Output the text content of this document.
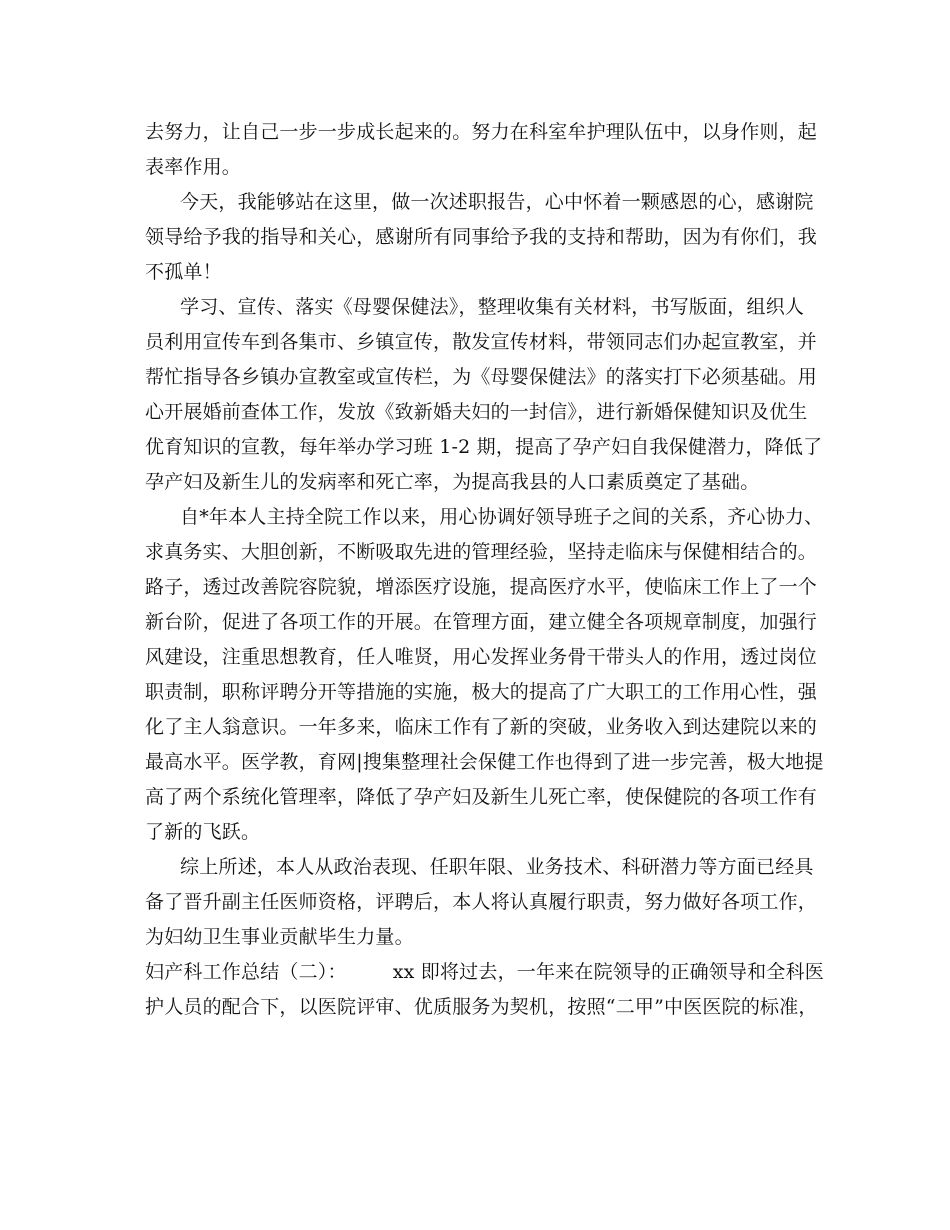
去努力，让自己一步一步成长起来的。努力在科室牟护理队伍中，以身作则，起
表率作用。
今天，我能够站在这里，做一次述职报告，心中怀着一颗感恩的心，感谢院
领导给予我的指导和关心，感谢所有同事给予我的支持和帮助，因为有你们，我
不孤单！
学习、宣传、落实《母婴保健法》，整理收集有关材料，书写版面，组织人
员利用宣传车到各集市、乡镇宣传，散发宣传材料，带领同志们办起宣教室，并
帮忙指导各乡镇办宣教室或宣传栏，为《母婴保健法》的落实打下必须基础。用
心开展婚前查体工作，发放《致新婚夫妇的一封信》，进行新婚保健知识及优生
优育知识的宣教，每年举办学习班 1-2 期，提高了孕产妇自我保健潜力，降低了
孕产妇及新生儿的发病率和死亡率，为提高我县的人口素质奠定了基础。
自*年本人主持全院工作以来，用心协调好领导班子之间的关系，齐心协力、
求真务实、大胆创新，不断吸取先进的管理经验，坚持走临床与保健相结合的。
路子，透过改善院容院貌，增添医疗设施，提高医疗水平，使临床工作上了一个
新台阶，促进了各项工作的开展。在管理方面，建立健全各项规章制度，加强行
风建设，注重思想教育，任人唯贤，用心发挥业务骨干带头人的作用，透过岗位
职责制，职称评聘分开等措施的实施，极大的提高了广大职工的工作用心性，强
化了主人翁意识。一年多来，临床工作有了新的突破，业务收入到达建院以来的
最高水平。医学教，育网|搜集整理社会保健工作也得到了进一步完善，极大地提
高了两个系统化管理率，降低了孕产妇及新生儿死亡率，使保健院的各项工作有
了新的飞跃。
综上所述，本人从政治表现、任职年限、业务技术、科研潜力等方面已经具
备了晋升副主任医师资格，评聘后，本人将认真履行职责，努力做好各项工作，
为妇幼卫生事业贡献毕生力量。
妇产科工作总结（二）： xx 即将过去，一年来在院领导的正确领导和全科医
护人员的配合下，以医院评审、优质服务为契机，按照“二甲”中医医院的标准，
